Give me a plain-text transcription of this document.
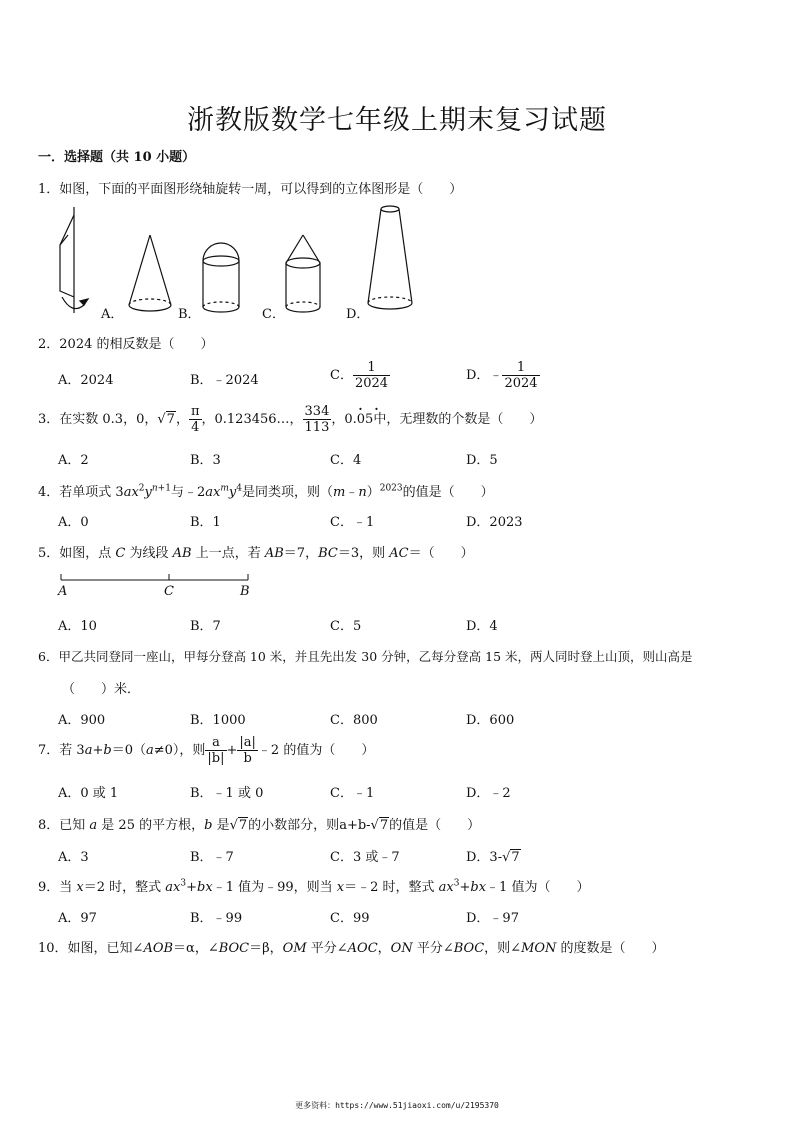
浙教版数学七年级上期末复习试题
一．选择题（共 10 小题）
1．如图，下面的平面图形绕轴旋转一周，可以得到的立体图形是（　　）
A．	B．	C．	D．
2．2024 的相反数是（　　）
A．2024	B．﹣2024	C． $\frac{1}{2024}$	D．﹣ $\frac{1}{2024}$
3．在实数 0.3，0，√7， $\frac{\pi}{4}$ ，0.123456…， $\frac{334}{113}$ ，0.05
· ·
中，无理数的个数是（　　）
A．2	B．3	C．4	D．5
4．若单项式 $3ax^2y^{n+1}$与$﹣2ax^my^4$是同类项，则（m﹣n）$^{2023}$的值是（　　）
A．0	B．1	C．﹣1	D．2023
5．如图，点 C 为线段 AB 上一点，若 AB＝7，BC＝3，则 AC＝（　　）
A	C	B
A．10	B．7	C．5	D．4
6．甲乙共同登同一座山，甲每分登高 10 米，并且先出发 30 分钟，乙每分登高 15 米，两人同时登上山顶，则山高是
（　　）米．
A．900	B．1000	C．800	D．600
7．若 3a+b＝0（a≠0），则 $\frac{a}{|b|} + \frac{|a|}{b}$ ﹣2 的值为（　　）
A．0 或 1	B．﹣1 或 0	C．﹣1	D．﹣2
8．已知 a 是 25 的平方根，b 是√7的小数部分，则a+b-√7的值是（　　）
A．3	B．﹣7	C．3 或﹣7	D．3-√7
9．当 x＝2 时，整式 $ax^3+bx﹣1$ 值为﹣99，则当 x＝﹣2 时，整式 $ax^3+bx﹣1$ 值为（　　）
A．97	B．﹣99	C．99	D．﹣97
10．如图，已知∠AOB＝α，∠BOC＝β，OM 平分∠AOC，ON 平分∠BOC，则∠MON 的度数是（　　）
更多资料：https://www.51jiaoxi.com/u/2195370
